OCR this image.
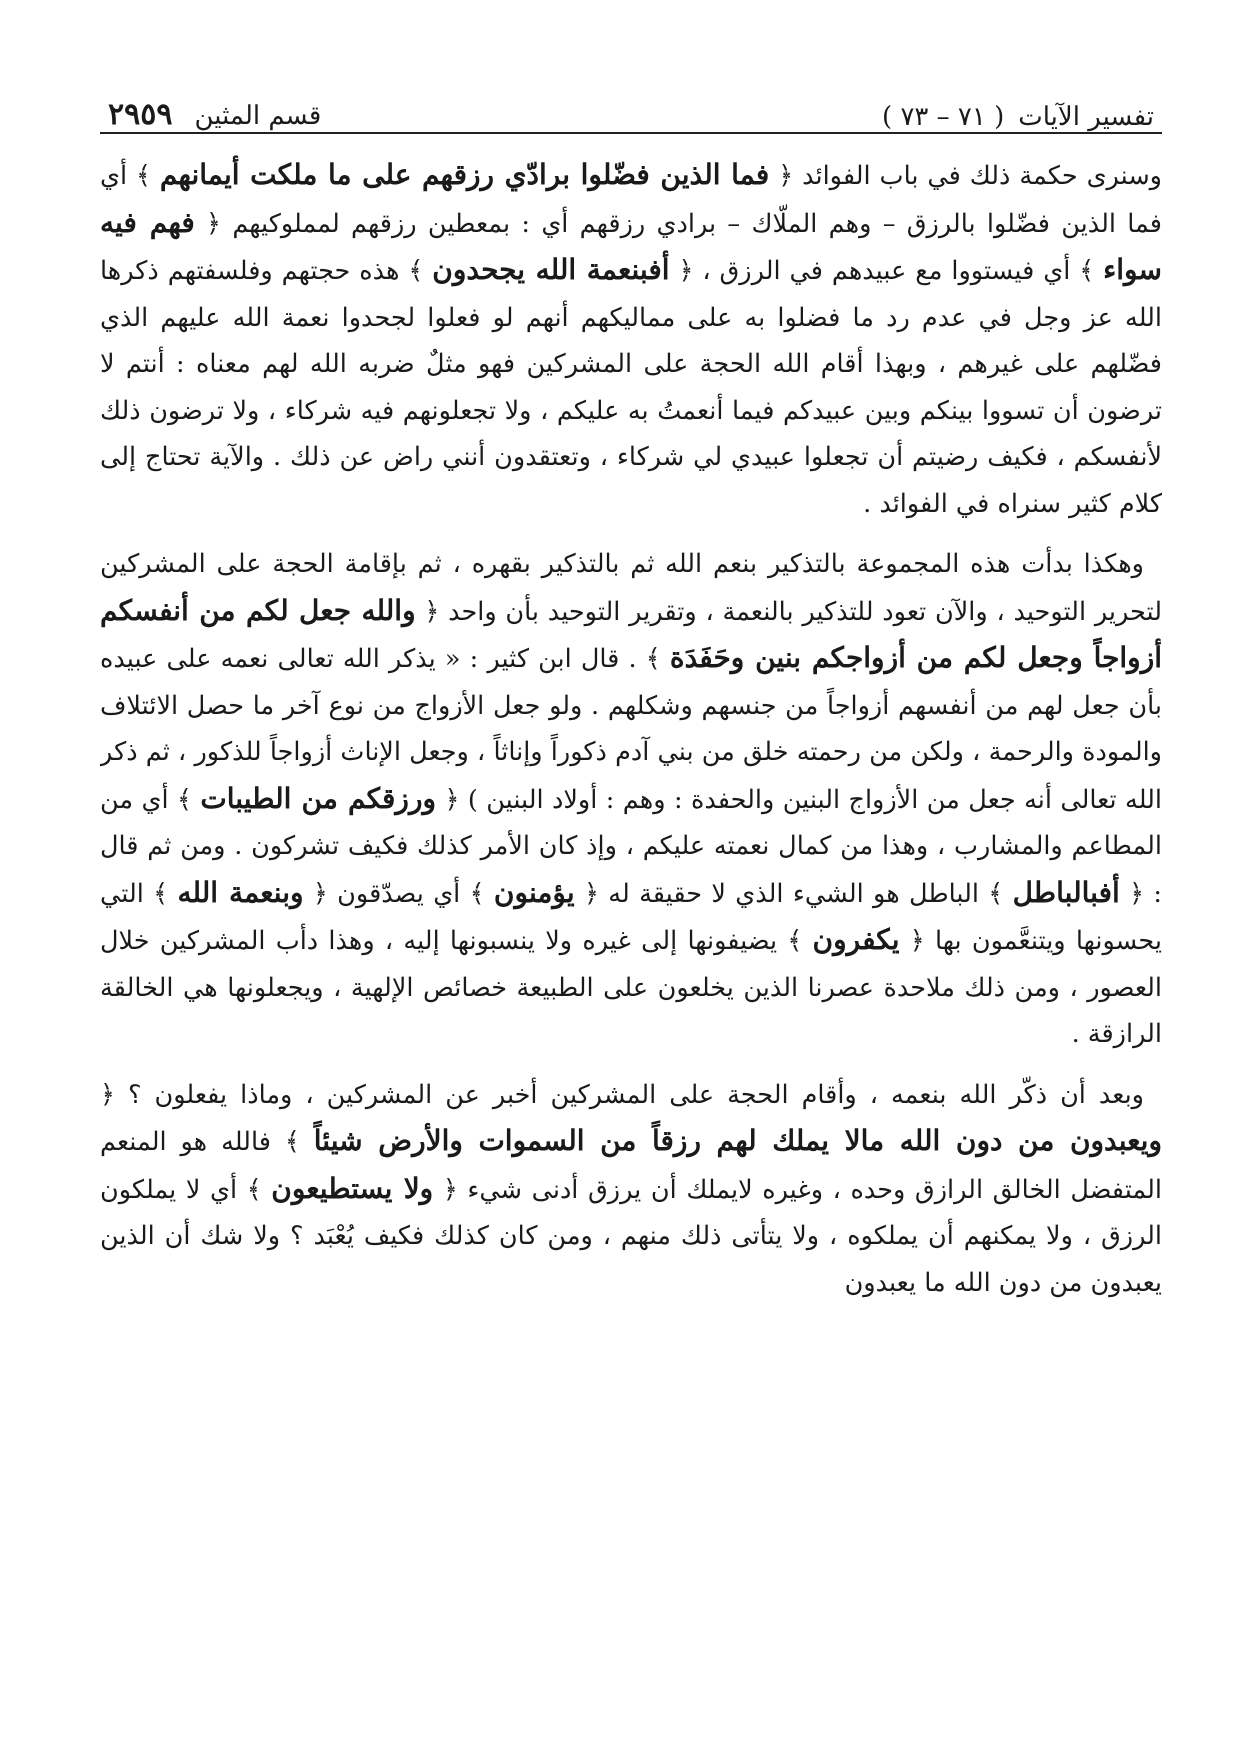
تفسير الآيات
( ٧١ – ٧٣ )
قسم المثين
٢٩٥٩

وسنرى حكمة ذلك في باب الفوائد ﴿ فما الذين فضّلوا برادّي رزقهم على ما ملكت أيمانهم ﴾ أي فما الذين فضّلوا بالرزق – وهم الملّاك – برادي رزقهم أي : بمعطين رزقهم لمملوكيهم ﴿ فهم فيه سواء ﴾ أي فيستووا مع عبيدهم في الرزق ، ﴿ أفبنعمة الله يجحدون ﴾ هذه حجتهم وفلسفتهم ذكرها الله عز وجل في عدم رد ما فضلوا به على مماليكهم أنهم لو فعلوا لجحدوا نعمة الله عليهم الذي فضّلهم على غيرهم ، وبهذا أقام الله الحجة على المشركين فهو مثلٌ ضربه الله لهم معناه : أنتم لا ترضون أن تسووا بينكم وبين عبيدكم فيما أنعمتُ به عليكم ، ولا تجعلونهم فيه شركاء ، ولا ترضون ذلك لأنفسكم ، فكيف رضيتم أن تجعلوا عبيدي لي شركاء ، وتعتقدون أنني راض عن ذلك . والآية تحتاج إلى كلام كثير سنراه في الفوائد .

وهكذا بدأت هذه المجموعة بالتذكير بنعم الله ثم بالتذكير بقهره ، ثم بإقامة الحجة على المشركين لتحرير التوحيد ، والآن تعود للتذكير بالنعمة ، وتقرير التوحيد بأن واحد ﴿ والله جعل لكم من أنفسكم أزواجاً وجعل لكم من أزواجكم بنين وحَفَدَة ﴾ . قال ابن كثير : « يذكر الله تعالى نعمه على عبيده بأن جعل لهم من أنفسهم أزواجاً من جنسهم وشكلهم . ولو جعل الأزواج من نوع آخر ما حصل الائتلاف والمودة والرحمة ، ولكن من رحمته خلق من بني آدم ذكوراً وإناثاً ، وجعل الإناث أزواجاً للذكور ، ثم ذكر الله تعالى أنه جعل من الأزواج البنين والحفدة : وهم : أولاد البنين ) ﴿ ورزقكم من الطيبات ﴾ أي من المطاعم والمشارب ، وهذا من كمال نعمته عليكم ، وإذ كان الأمر كذلك فكيف تشركون . ومن ثم قال : ﴿ أفبالباطل ﴾ الباطل هو الشيء الذي لا حقيقة له ﴿ يؤمنون ﴾ أي يصدّقون ﴿ وبنعمة الله ﴾ التي يحسونها ويتنعَّمون بها ﴿ يكفرون ﴾ يضيفونها إلى غيره ولا ينسبونها إليه ، وهذا دأب المشركين خلال العصور ، ومن ذلك ملاحدة عصرنا الذين يخلعون على الطبيعة خصائص الإلهية ، ويجعلونها هي الخالقة الرازقة .

وبعد أن ذكّر الله بنعمه ، وأقام الحجة على المشركين أخبر عن المشركين ، وماذا يفعلون ؟ ﴿ ويعبدون من دون الله مالا يملك لهم رزقاً من السموات والأرض شيئاً ﴾ فالله هو المنعم المتفضل الخالق الرازق وحده ، وغيره لايملك أن يرزق أدنى شيء ﴿ ولا يستطيعون ﴾ أي لا يملكون الرزق ، ولا يمكنهم أن يملكوه ، ولا يتأتى ذلك منهم ، ومن كان كذلك فكيف يُعْبَد ؟ ولا شك أن الذين يعبدون من دون الله ما يعبدون
